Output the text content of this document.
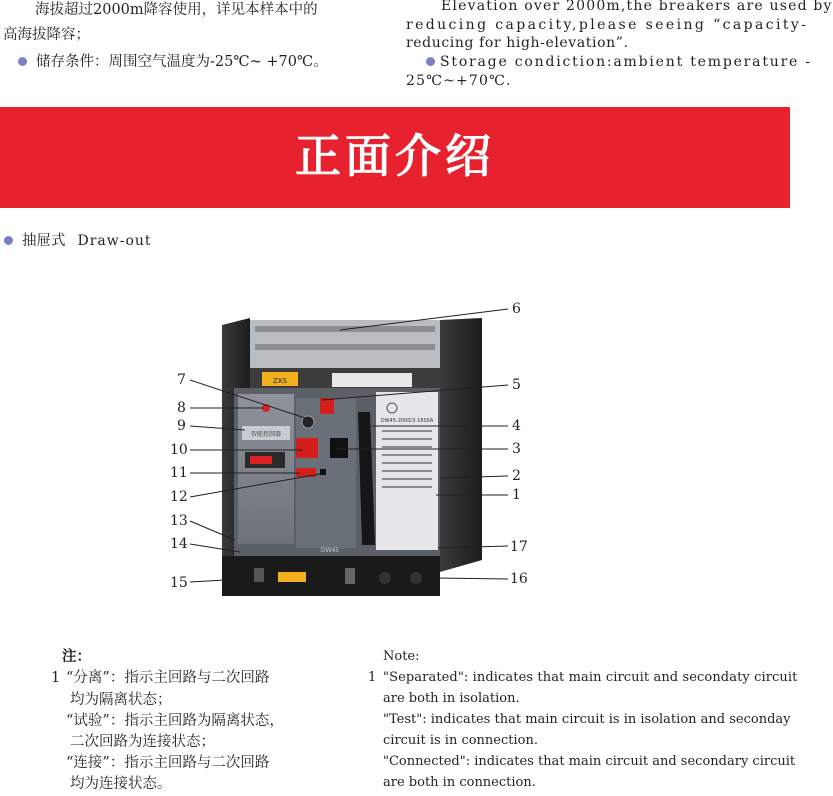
海拔超过2000m降容使用，详见本样本中的
高海拔降容；
储存条件：周围空气温度为-25℃~ +70℃。
Elevation over 2000m,the breakers are used by
reducing capacity,please seeing “capacity-
reducing for high-elevation”.
Storage condiction:ambient temperature -
25℃~+70℃.
正面介绍
抽屉式 Draw-out
ZXS
智能控制器
DW45-2000/3-1600A
DW45
7
8
9
10
11
12
13
14
15
6
5
4
3
2
1
17
16
注：
1 “分离”：指示主回路与二次回路
均为隔离状态；
“试验”：指示主回路为隔离状态，
二次回路为连接状态；
“连接”：指示主回路与二次回路
均为连接状态。
Note:
1 "Separated": indicates that main circuit and secondaty circuit
are both in isolation.
"Test": indicates that main circuit is in isolation and seconday
circuit is in connection.
"Connected": indicates that main circuit and secondary circuit
are both in connection.
